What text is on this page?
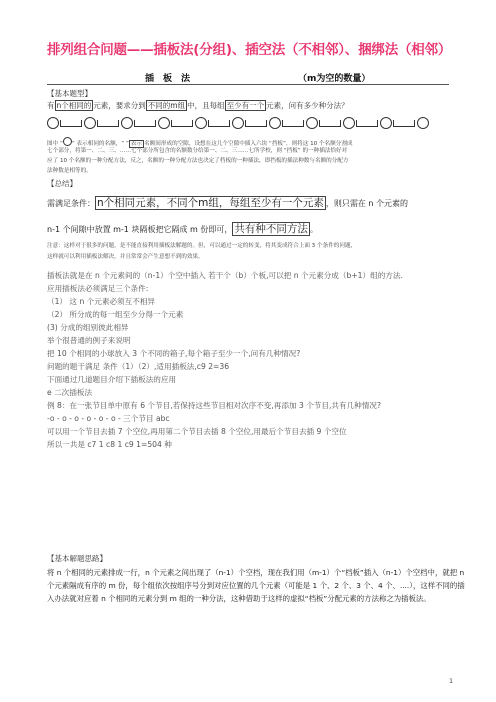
排列组合问题——插板法(分组)、插空法（不相邻）、捆绑法（相邻）
插　板　法	（m为空的数量）
【基本题型】
有 n个相同的 元素，要求分到 不同的m组 中，且每组 至少有一个 元素，问有多少种分法？
图中 “ ” 表示相同的名额，“ ” 表示 名额间形成的空隙，设想在这几个空隙中插入六块 “挡板”，则将这 10 个名额分割成
七个部分，将第一、二、三、……七个部分所包含的名额数分给第一、二、三……七所学校，则 “挡板” 的一种插法恰好对
应了 10 个名额的一种分配方法，反之，名额的一种分配方法也决定了档板的一种插法，即挡板的插法种数与名额的分配方
法种数是相等的。
【总结】
需满足条件： n个相同元素，不同个m组，每组至少有一个元素 ，则只需在 n 个元素的
n-1 个间隙中放置 m-1 块隔板把它隔成 m 份即可， 共有种不同方法 。
注意：这样对于很多的问题，是不能直接利用插板法解题的。但，可以通过一定的转变，将其变成符合上面 3 个条件的问题，
这样就可以利用插板法解决，并且常常会产生意想不到的效果。
插板法就是在 n 个元素间的（n-1）个空中插入 若干个（b）个板,可以把 n 个元素分成（b+1）组的方法.
应用插板法必须满足三个条件:
（1） 这 n 个元素必须互不相异
（2） 所分成的每一组至少分得一个元素
(3) 分成的组别彼此相异
举个很普通的例子来说明
把 10 个相同的小球放入 3 个不同的箱子,每个箱子至少一个,问有几种情况?
问题的题干满足 条件（1）（2）,适用插板法,c9 2=36
下面通过几道题目介绍下插板法的应用
e 二次插板法
例 8：在一张节目单中原有 6 个节目,若保持这些节目相对次序不变,再添加 3 个节目,共有几种情况?
-o - o - o - o - o - o - 三个节目 abc
可以用一个节目去插 7 个空位,再用第二个节目去插 8 个空位,用最后个节目去插 9 个空位
所以一共是 c7 1 c8 1 c9 1=504 种
【基本解题思路】
将 n 个相同的元素排成一行，n 个元素之间出现了（n-1）个空档，现在我们用（m-1）个“档板”插入（n-1）个空档中，就把 n 个元素隔成有序的 m 份，每个组依次按组序号分到对应位置的几个元素（可能是 1 个、2 个、3 个、4 个、....），这样不同的插入办法就对应着 n 个相同的元素分到 m 组的一种分法，这种借助于这样的虚拟“档板”分配元素的方法称之为插板法。
1
